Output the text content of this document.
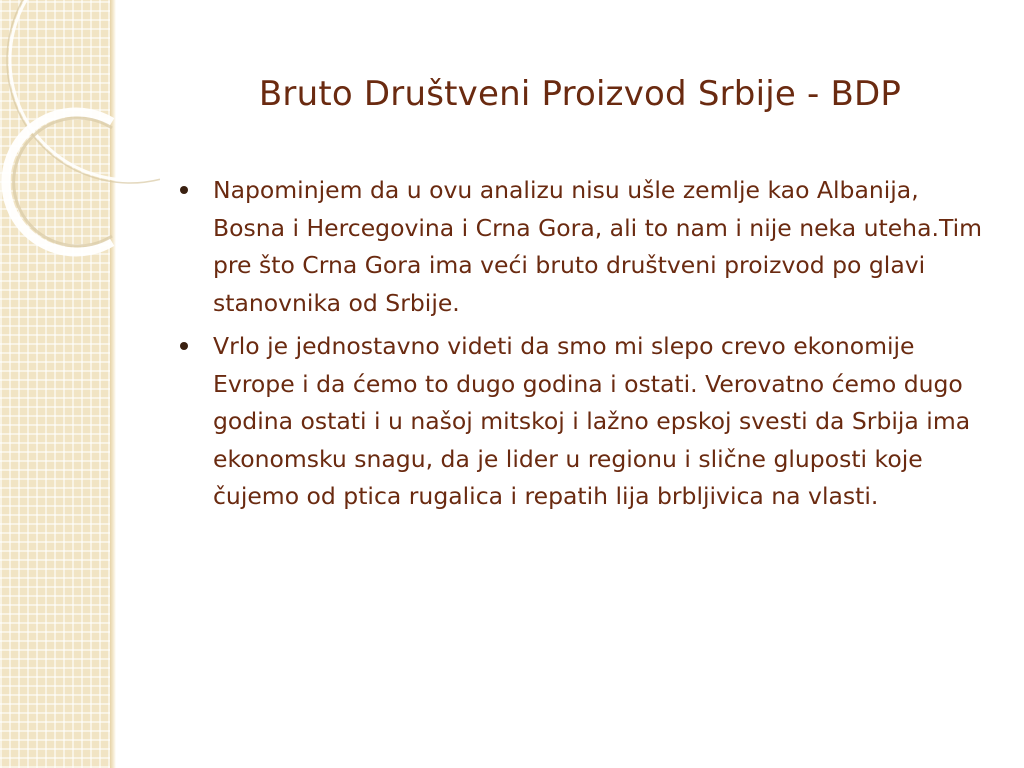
Bruto Društveni Proizvod Srbije - BDP
Napominjem da u ovu analizu nisu ušle zemlje kao Albanija, Bosna i Hercegovina i Crna Gora, ali to nam i nije neka uteha.Tim pre što Crna Gora ima veći bruto društveni proizvod po glavi stanovnika od Srbije.
Vrlo je jednostavno videti da smo mi slepo crevo ekonomije Evrope i da ćemo to dugo godina i ostati. Verovatno ćemo dugo godina ostati i u našoj mitskoj i lažno epskoj svesti da Srbija ima ekonomsku snagu, da je lider u regionu i slične gluposti koje čujemo od ptica rugalica i repatih lija brbljivica na vlasti.
